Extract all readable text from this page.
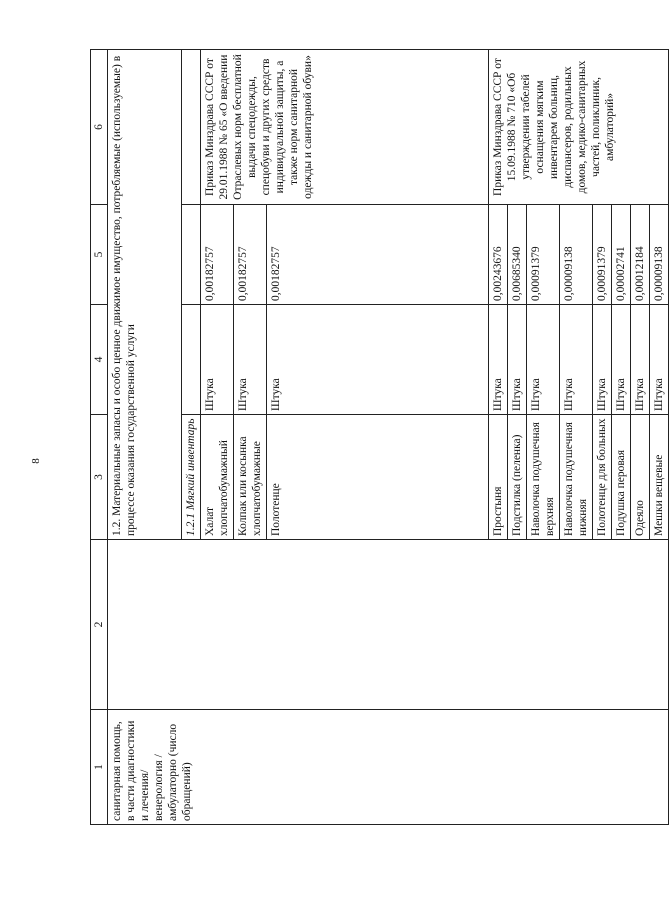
8
1	2	3	4	5	6
санитарная помощь, в части диагностики и лечения/венерология /амбулаторно (число обращений)		1.2. Материальные запасы и особо ценное движимое имущество, потребляемые (используемые) в процессе оказания государственной услуги			
		1.2.1 Мягкий инвентарь			
		Халат хлопчатобумажный	Штука	0,00182757	Приказ Минздрава СССР от 29.01.1988 № 65 «О введении Отраслевых норм бесплатной выдачи спецодежды, спецобуви и других средств индивидуальной защиты, а также норм санитарной одежды и санитарной обуви»
		Колпак или косынка хлопчатобумажные	Штука	0,00182757	
		Полотенце	Штука	0,00182757	
		Простыня	Штука	0,00243676	Приказ Минздрава СССР от 15.09.1988 № 710 «Об утверждении табелей оснащения мягким инвентарем больниц, диспансеров, родильных домов, медико-санитарных частей, поликлиник, амбулаторий»
		Подстилка (пеленка)	Штука	0,00685340	
		Наволочка подушечная верхняя	Штука	0,00091379	
		Наволочка подушечная нижняя	Штука	0,00009138	
		Полотенце для больных	Штука	0,00091379	
		Подушка перовая	Штука	0,00002741	
		Одеяло	Штука	0,00012184	
		Мешки вещевые	Штука	0,00009138	
